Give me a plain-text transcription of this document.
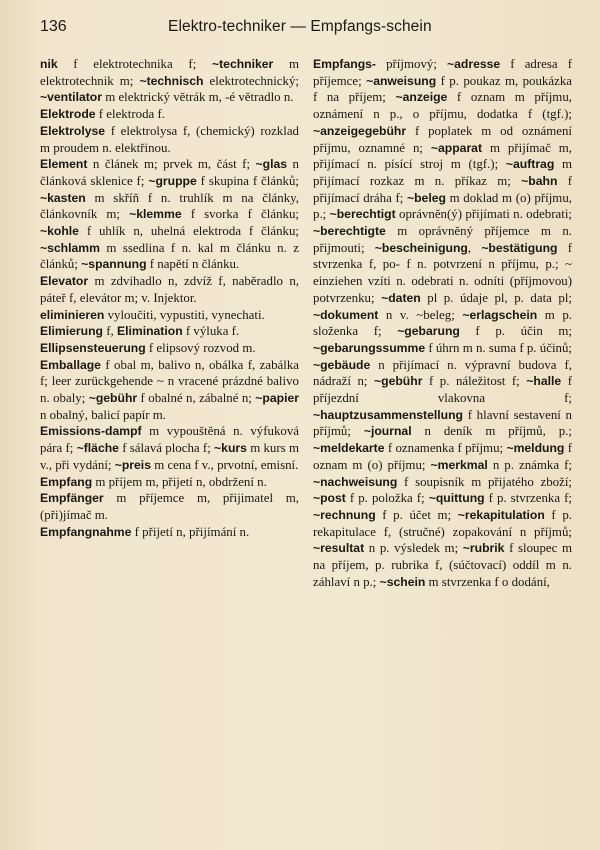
136	Elektro-techniker — Empfangs-schein

nik f elektrotechnika f; ~techniker m elektrotechnik m; ~technisch elektrotechnický; ~ventilator m elektrický větrák m, -é větradlo n.

Elektrode f elektroda f.

Elektrolyse f elektrolysa f, (chemický) rozklad m proudem n. elektřinou.

Element n článek m; prvek m, část f; ~glas n článková sklenice f; ~gruppe f skupina f článků; ~kasten m skříň f n. truhlík m na články, článkovník m; ~klemme f svorka f článku; ~kohle f uhlík n, uhelná elektroda f článku; ~schlamm m ssedlina f n. kal m článku n. z článků; ~spannung f napětí n článku.

Elevator m zdvihadlo n, zdvíž f, naběradlo n, páteř f, elevátor m; v. Injektor.

eliminieren vyloučiti, vypustiti, vynechati.

Elimierung f, Elimination f výluka f.

Ellipsensteuerung f elipsový rozvod m.

Emballage f obal m, balivo n, obálka f, zabálka f; leer zurückgehende ~ n vracené prázdné balivo n. obaly; ~gebühr f obalné n, zábalné n; ~papier n obalný, balicí papír m.

Emissions-dampf m vypouštěná n. výfuková pára f; ~fläche f sálavá plocha f; ~kurs m kurs m v., při vydání; ~preis m cena f v., prvotní, emisní.

Empfang m příjem m, přijetí n, obdržení n.

Empfänger m příjemce m, přijimatel m, (při)jímač m.

Empfangnahme f přijetí n, přijímání n.

Empfangs- příjmový; ~adresse f adresa f příjemce; ~anweisung f p. poukaz m, poukázka f na příjem; ~anzeige f oznam m příjmu, oznámení n p., o příjmu, dodatka f (tgf.); ~anzeigegebühr f poplatek m od oznámení příjmu, oznamné n; ~apparat m přijímač m, přijímací n. písící stroj m (tgf.); ~auftrag m přijímací rozkaz m n. příkaz m; ~bahn f přijímací dráha f; ~beleg m doklad m (o) příjmu, p.; ~berechtigt oprávněn(ý) přijímati n. odebrati; ~berechtigte m oprávněný příjemce m n. přijmouti; ~bescheinigung, ~bestätigung f stvrzenka f, po- f n. potvrzení n příjmu, p.; ~ einziehen vzíti n. odebrati n. odníti (příjmovou) potvrzenku; ~daten pl p. údaje pl, p. data pl; ~dokument n v. ~beleg; ~erlagschein m p. složenka f; ~gebarung f p. účin m; ~gebarungssumme f úhrn m n. suma f p. účinů; ~gebäude n přijímací n. výpravní budova f, nádraží n; ~gebühr f p. náležitost f; ~halle f příjezdní vlakovna f; ~hauptzusammenstellung f hlavní sestavení n příjmů; ~journal n deník m příjmů, p.; ~meldekarte f oznamenka f příjmu; ~meldung f oznam m (o) příjmu; ~merkmal n p. známka f; ~nachweisung f soupisník m přijatého zboží; ~post f p. položka f; ~quittung f p. stvrzenka f; ~rechnung f p. účet m; ~rekapitulation f p. rekapitulace f, (stručné) zopakování n příjmů; ~resultat n p. výsledek m; ~rubrik f sloupec m na příjem, p. rubrika f, (súčtovací) oddíl m n. záhlaví n p.; ~schein m stvrzenka f o dodání,
